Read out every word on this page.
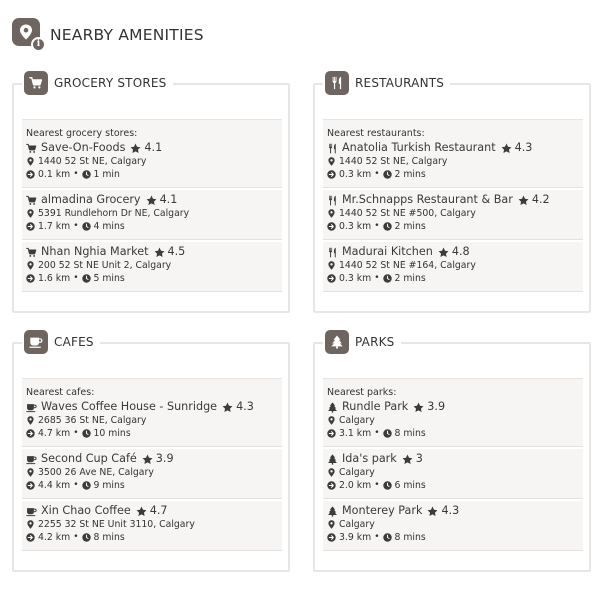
i NEARBY AMENITIES
GROCERY STORES
Nearest grocery stores:
Save-On-Foods 4.1
1440 52 St NE, Calgary
0.1 km • 1 min
almadina Grocery 4.1
5391 Rundlehorn Dr NE, Calgary
1.7 km • 4 mins
Nhan Nghia Market 4.5
200 52 St NE Unit 2, Calgary
1.6 km • 5 mins
RESTAURANTS
Nearest restaurants:
Anatolia Turkish Restaurant 4.3
1440 52 St NE, Calgary
0.3 km • 2 mins
Mr.Schnapps Restaurant & Bar 4.2
1440 52 St NE #500, Calgary
0.3 km • 2 mins
Madurai Kitchen 4.8
1440 52 St NE #164, Calgary
0.3 km • 2 mins
CAFES
Nearest cafes:
Waves Coffee House - Sunridge 4.3
2685 36 St NE, Calgary
4.7 km • 10 mins
Second Cup Café 3.9
3500 26 Ave NE, Calgary
4.4 km • 9 mins
Xin Chao Coffee 4.7
2255 32 St NE Unit 3110, Calgary
4.2 km • 8 mins
PARKS
Nearest parks:
Rundle Park 3.9
Calgary
3.1 km • 8 mins
Ida's park 3
Calgary
2.0 km • 6 mins
Monterey Park 4.3
Calgary
3.9 km • 8 mins
